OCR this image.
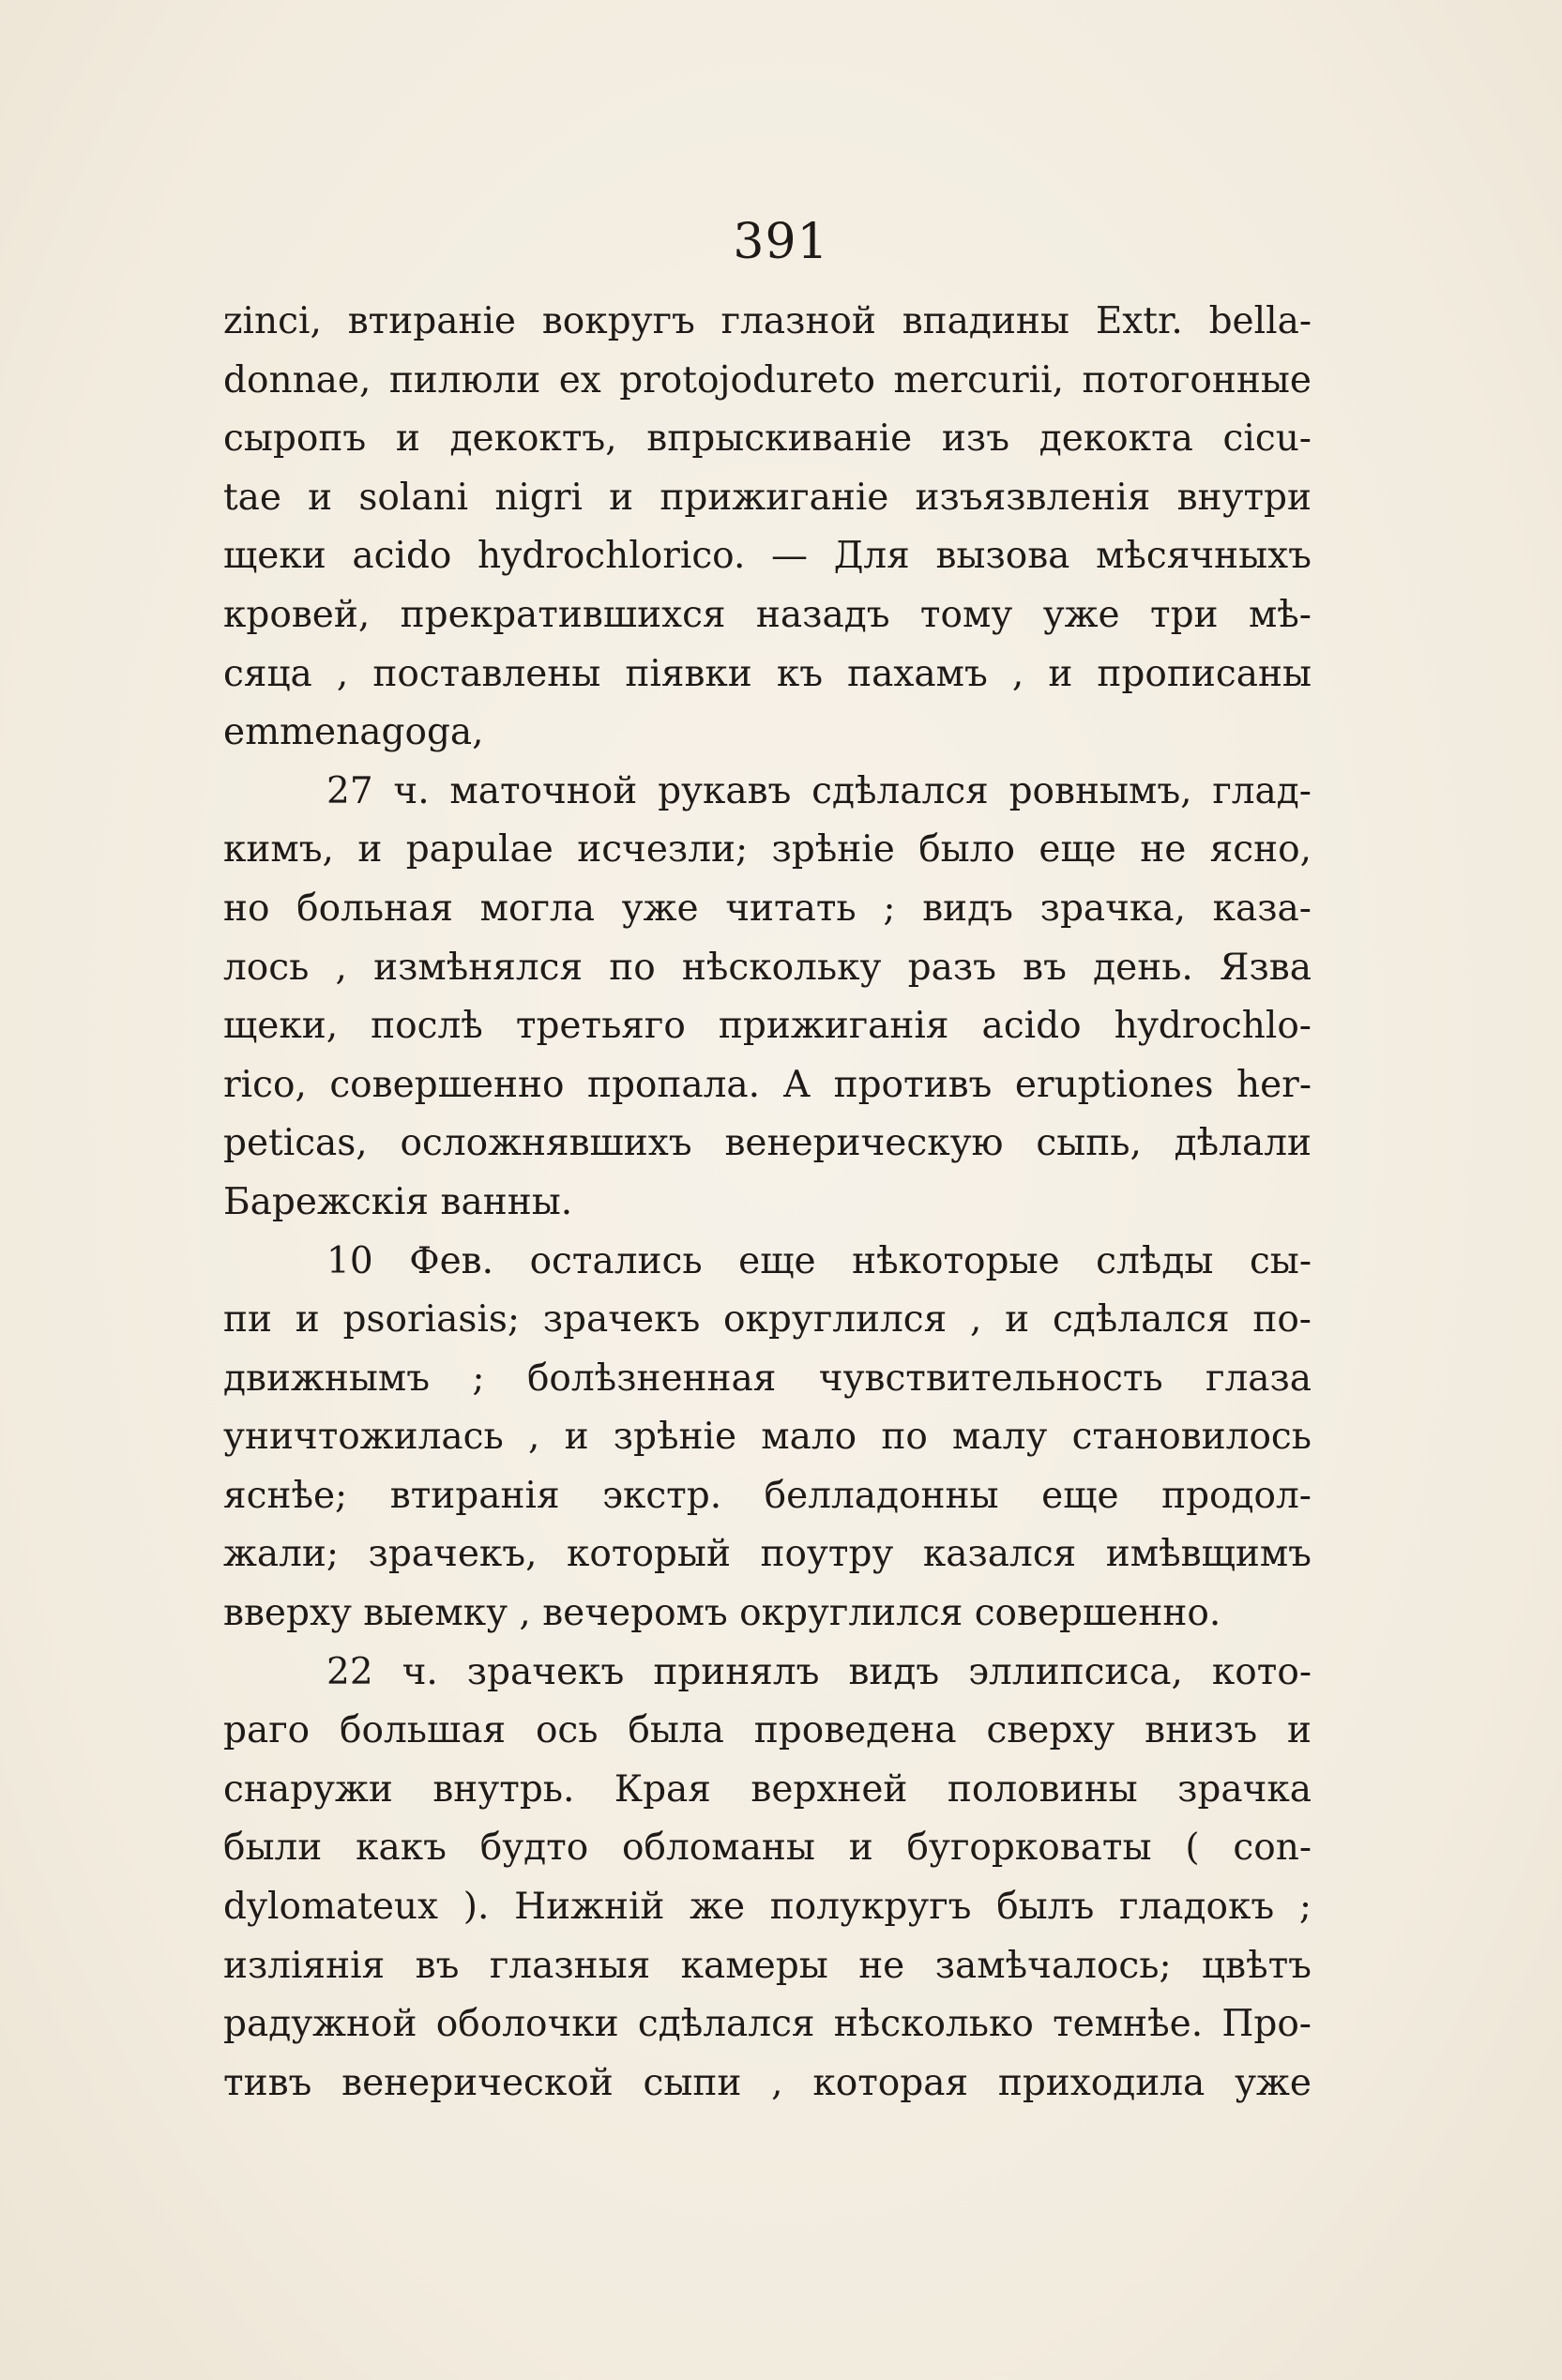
391
zinci, втираніе вокругъ глазной впадины Extr. bella-
donnae, пилюли ex protojodureto mercurii, потогонные
сыропъ и декоктъ, впрыскиваніе изъ декокта cicu-
tae и solani nigri и прижиганіе изъязвленія внутри
щеки acido hydrochlorico. — Для вызова мѣсячныхъ
кровей, прекратившихся назадъ тому уже три мѣ-
сяца , поставлены піявки къ пахамъ , и прописаны
emmenagoga,
27 ч. маточной рукавъ сдѣлался ровнымъ, глад-
кимъ, и papulae исчезли; зрѣніе было еще не ясно,
но больная могла уже читать ; видъ зрачка, каза-
лось , измѣнялся по нѣскольку разъ въ день. Язва
щеки, послѣ третьяго прижиганія acido hydrochlo-
rico, совершенно пропала. А противъ eruptiones her-
peticas, осложнявшихъ венерическую сыпь, дѣлали
Барежскія ванны.
10 Фев. остались еще нѣкоторые слѣды сы-
пи и psoriasis; зрачекъ округлился , и сдѣлался по-
движнымъ ; болѣзненная чувствительность глаза
уничтожилась , и зрѣніе мало по малу становилось
яснѣе; втиранія экстр. белладонны еще продол-
жали; зрачекъ, который поутру казался имѣвщимъ
вверху выемку , вечеромъ округлился совершенно.
22 ч. зрачекъ принялъ видъ эллипсиса, кото-
раго большая ось была проведена сверху внизъ и
снаружи внутрь. Края верхней половины зрачка
были какъ будто обломаны и бугорковаты ( con-
dylomateux ). Нижній же полукругъ былъ гладокъ ;
изліянія въ глазныя камеры не замѣчалось; цвѣтъ
радужной оболочки сдѣлался нѣсколько темнѣе. Про-
тивъ венерической сыпи , которая приходила уже
